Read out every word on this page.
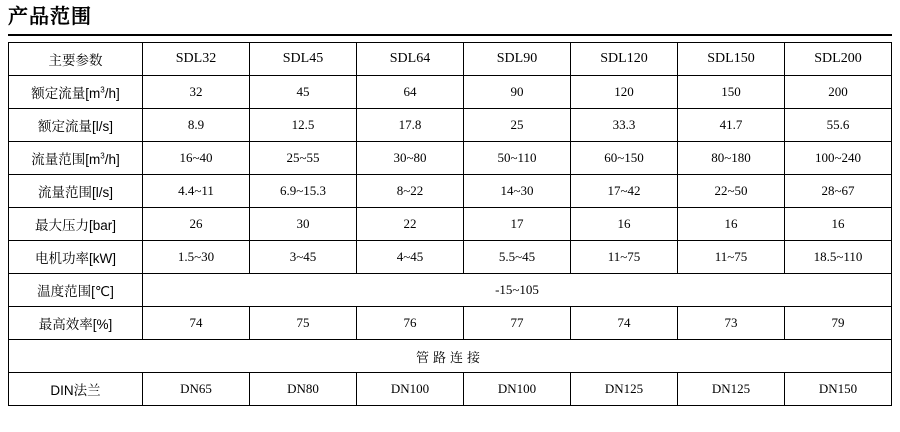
产品范围
主要参数	SDL32	SDL45	SDL64	SDL90	SDL120	SDL150	SDL200
额定流量$[m^3/h]$	32	45	64	90	120	150	200
额定流量[l/s]	8.9	12.5	17.8	25	33.3	41.7	55.6
流量范围$[m^3/h]$	16~40	25~55	30~80	50~110	60~150	80~180	100~240
流量范围[l/s]	4.4~11	6.9~15.3	8~22	14~30	17~42	22~50	28~67
最大压力[bar]	26	30	22	17	16	16	16
电机功率[kW]	1.5~30	3~45	4~45	5.5~45	11~75	11~75	18.5~110
温度范围[℃]	-15~105						
最高效率[%]	74	75	76	77	74	73	79
管路连接							
DIN法兰	DN65	DN80	DN100	DN100	DN125	DN125	DN150
